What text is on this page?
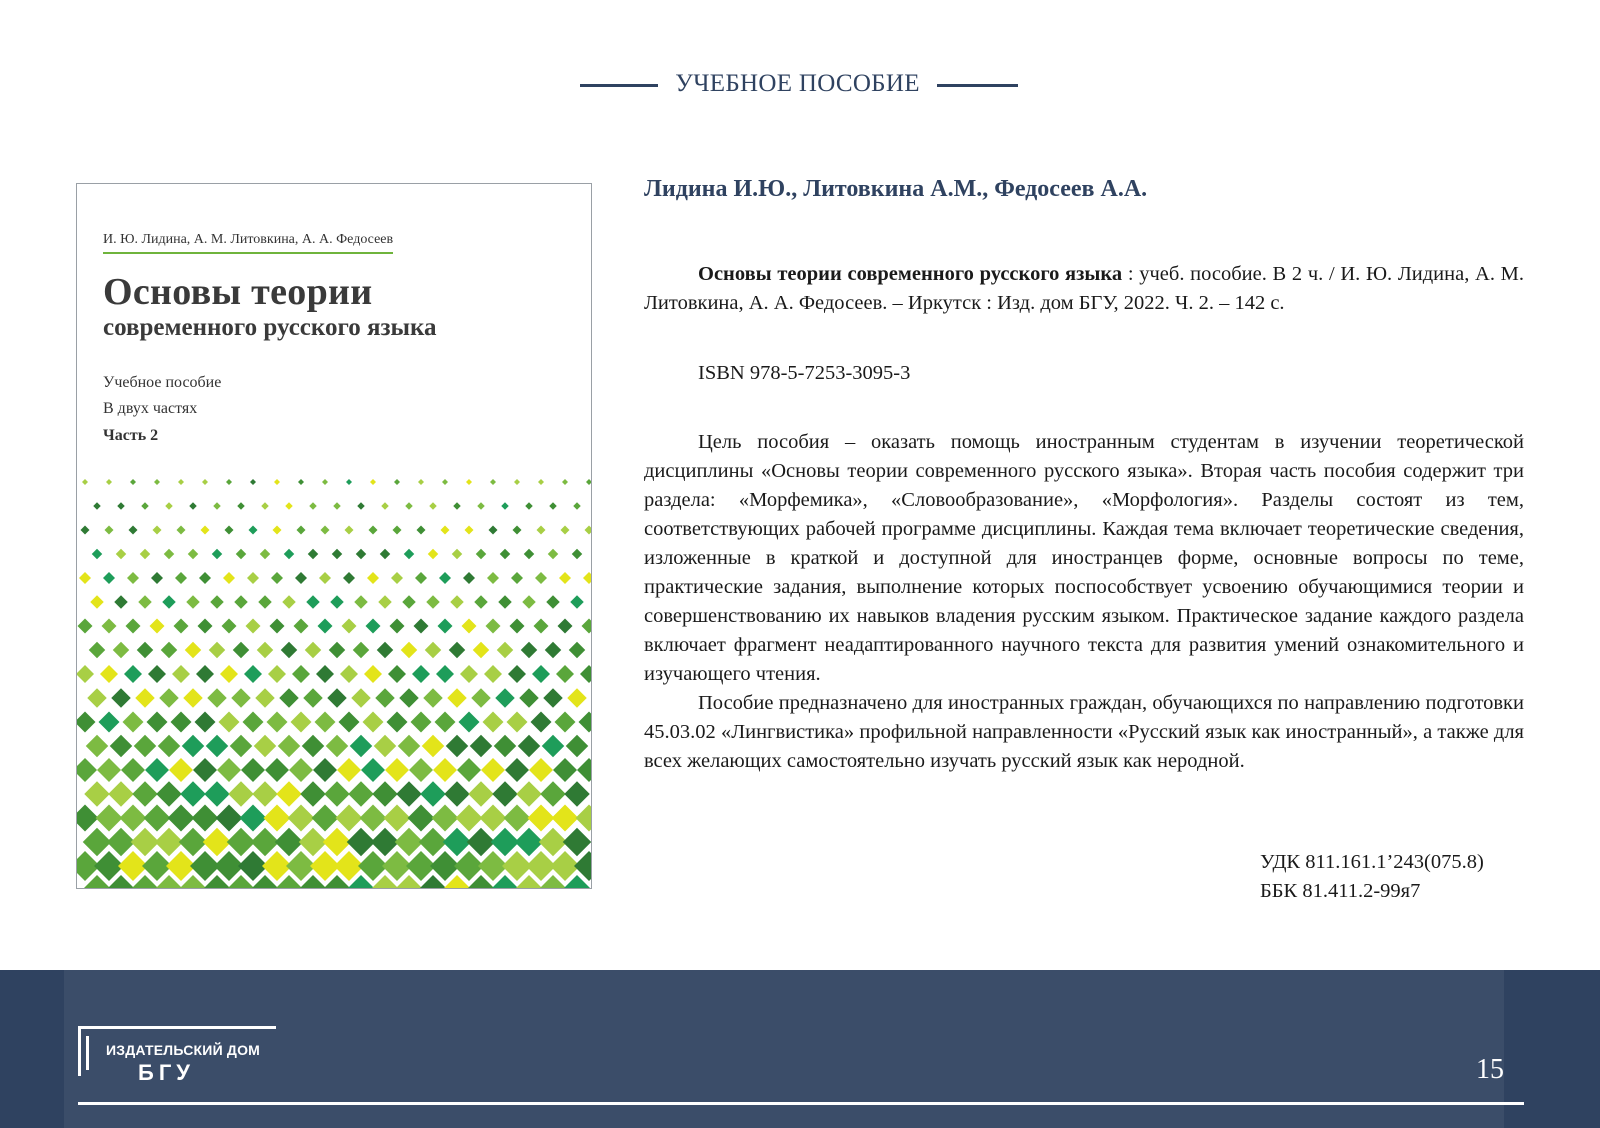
УЧЕБНОЕ ПОСОБИЕ
И. Ю. Лидина, А. М. Литовкина, А. А. Федосеев
Основы теории
современного русского языка
Учебное пособие
В двух частях
Часть 2
Лидина И.Ю., Литовкина А.М., Федосеев А.А.
Основы теории современного русского языка : учеб. пособие. В 2 ч. / И. Ю. Лидина, А. М. Литовкина, А. А. Федосеев. – Иркутск : Изд. дом БГУ, 2022. Ч. 2. – 142 с.
ISBN 978-5-7253-3095-3

Цель пособия – оказать помощь иностранным студентам в изучении теоретической дисциплины «Основы теории современного русского языка». Вторая часть пособия содержит три раздела: «Морфемика», «Словообразование», «Морфология». Разделы состоят из тем, соответствующих рабочей программе дисциплины. Каждая тема включает теоретические сведения, изложенные в краткой и доступной для иностранцев форме, основные вопросы по теме, практические задания, выполнение которых поспособствует усвоению обучающимися теории и совершенствованию их навыков владения русским языком. Практическое задание каждого раздела включает фрагмент неадаптированного научного текста для развития умений ознакомительного и изучающего чтения.

Пособие предназначено для иностранных граждан, обучающихся по направлению подготовки 45.03.02 «Лингвистика» профильной направленности «Русский язык как иностранный», а также для всех желающих самостоятельно изучать русский язык как неродной.

УДК 811.161.1’243(075.8)
ББК 81.411.2-99я7
ИЗДАТЕЛЬСКИЙ ДОМ
БГУ	15
